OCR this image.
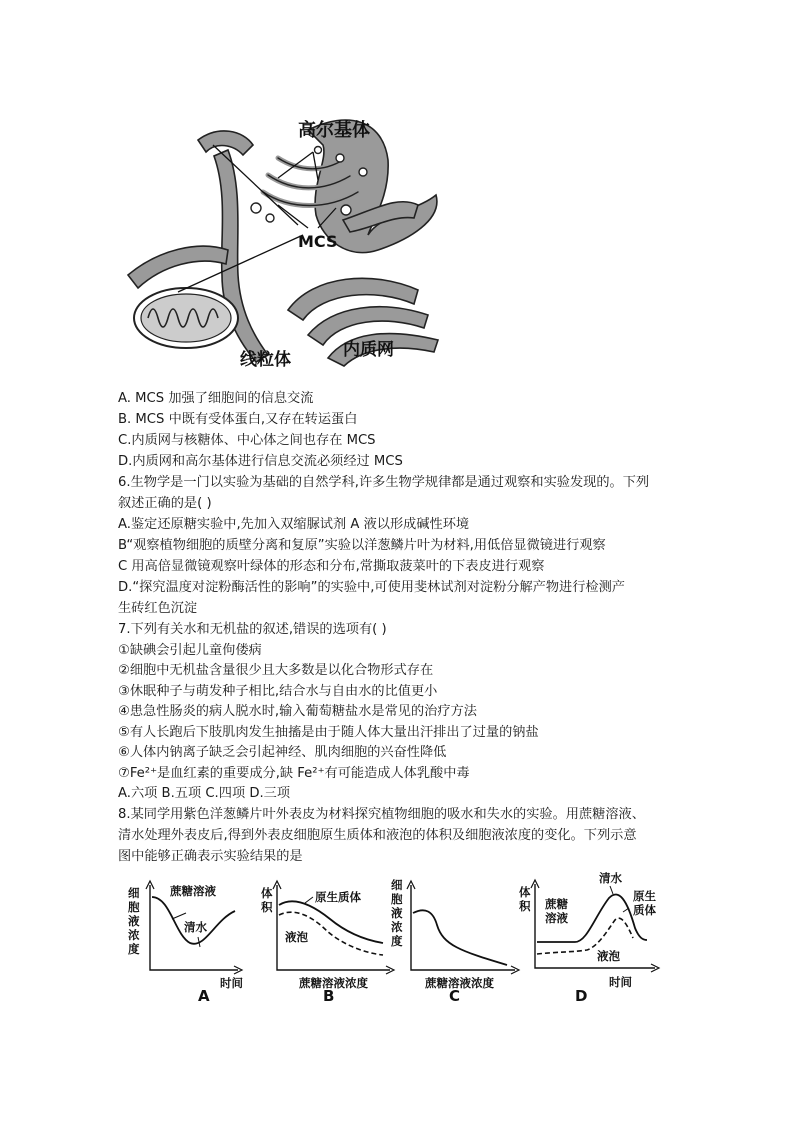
高尔基体
MCS
线粒体	内质网
A. MCS 加强了细胞间的信息交流
B. MCS 中既有受体蛋白,又存在转运蛋白
C.内质网与核糖体、中心体之间也存在 MCS
D.内质网和高尔基体进行信息交流必须经过 MCS
6.生物学是一门以实验为基础的自然学科,许多生物学规律都是通过观察和实验发现的。下列
叙述正确的是( )
A.鉴定还原糖实验中,先加入双缩脲试剂 A 液以形成碱性环境
B“观察植物细胞的质壁分离和复原”实验以洋葱鳞片叶为材料,用低倍显微镜进行观察
C 用高倍显微镜观察叶绿体的形态和分布,常撕取菠菜叶的下表皮进行观察
D.“探究温度对淀粉酶活性的影响”的实验中,可使用斐林试剂对淀粉分解产物进行检测产
生砖红色沉淀
7.下列有关水和无机盐的叙述,错误的选项有( )
①缺碘会引起儿童佝偻病
②细胞中无机盐含量很少且大多数是以化合物形式存在
③休眠种子与萌发种子相比,结合水与自由水的比值更小
④患急性肠炎的病人脱水时,输入葡萄糖盐水是常见的治疗方法
⑤有人长跑后下肢肌肉发生抽搐是由于随人体大量出汗排出了过量的钠盐
⑥人体内钠离子缺乏会引起神经、肌肉细胞的兴奋性降低
⑦Fe²⁺是血红素的重要成分,缺 Fe²⁺有可能造成人体乳酸中毒
A.六项 B.五项 C.四项 D.三项
8.某同学用紫色洋葱鳞片叶外表皮为材料探究植物细胞的吸水和失水的实验。用蔗糖溶液、
清水处理外表皮后,得到外表皮细胞原生质体和液泡的体积及细胞液浓度的变化。下列示意
图中能够正确表示实验结果的是
细
胞
液
浓
度
蔗糖溶液
清水
时间
A
体
积
原生质体
液泡
蔗糖溶液浓度
B
细
胞
液
浓
度
蔗糖溶液浓度
C
体
积
清水
蔗糖
溶液
原生
质体
液泡
时间
D
